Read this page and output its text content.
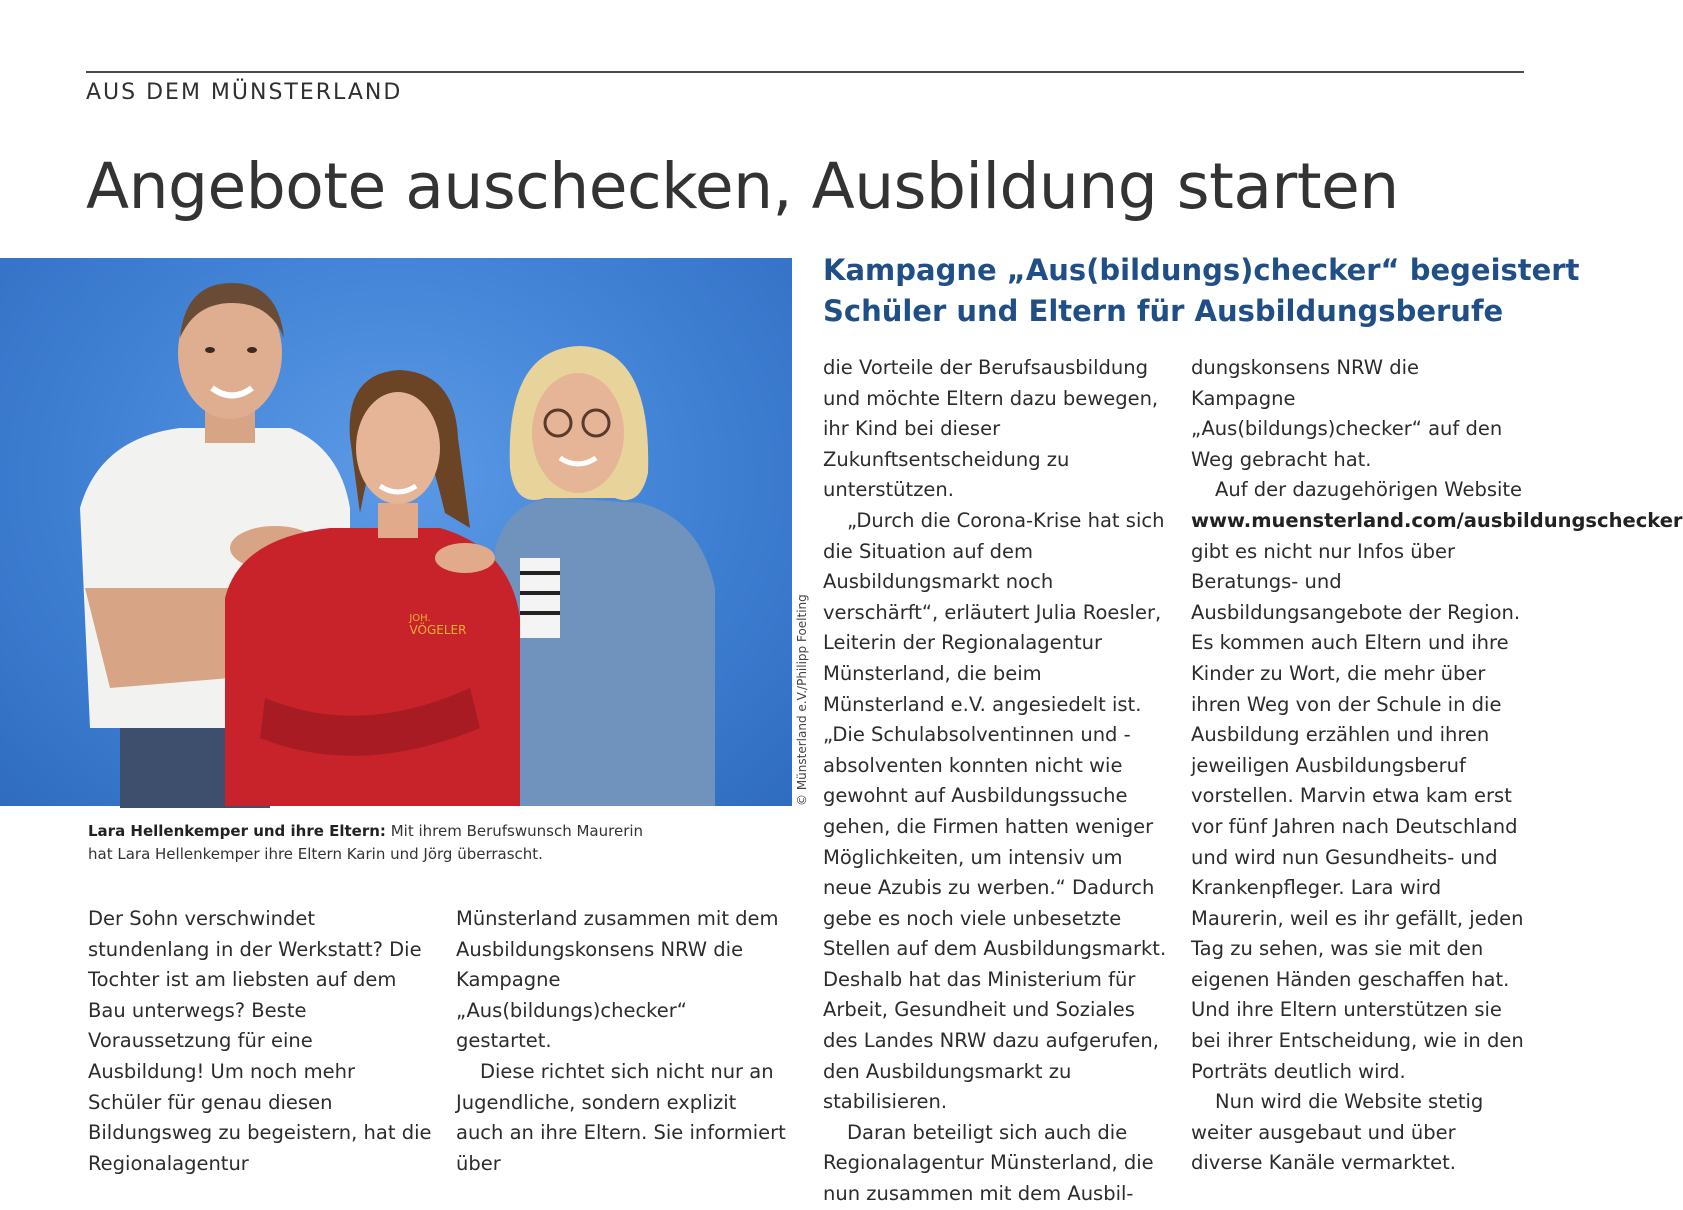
AUS DEM MÜNSTERLAND
Angebote auschecken, Ausbildung starten
Kampagne „Aus(bildungs)checker“ begeistert
Schüler und Eltern für Ausbildungsberufe
JOH.
VÖGELER	© Münsterland e.V./Philipp Foelting
Lara Hellenkemper und ihre Eltern: Mit ihrem Berufswunsch Maurerin hat Lara Hellenkemper ihre Eltern Karin und Jörg überrascht.

Der Sohn verschwindet stundenlang in der Werkstatt? Die Tochter ist am liebsten auf dem Bau unterwegs? Beste Voraussetzung für eine Ausbildung! Um noch mehr Schüler für genau diesen Bildungsweg zu begeistern, hat die Regionalagentur

Münsterland zusammen mit dem Ausbildungskonsens NRW die Kampagne „Aus(bildungs)checker“ gestartet.

Diese richtet sich nicht nur an Jugendliche, sondern explizit auch an ihre Eltern. Sie informiert über

die Vorteile der Berufsausbildung und möchte Eltern dazu bewegen, ihr Kind bei dieser Zukunftsentscheidung zu unterstützen.

„Durch die Corona-Krise hat sich die Situation auf dem Ausbildungsmarkt noch verschärft“, erläutert Julia Roesler, Leiterin der Regionalagentur Münsterland, die beim Münsterland e.V. angesiedelt ist. „Die Schulabsolventinnen und -absolventen konnten nicht wie gewohnt auf Ausbildungssuche gehen, die Firmen hatten weniger Möglichkeiten, um intensiv um neue Azubis zu werben.“ Dadurch gebe es noch viele unbesetzte Stellen auf dem Ausbildungsmarkt. Deshalb hat das Ministerium für Arbeit, Gesundheit und Soziales des Landes NRW dazu aufgerufen, den Ausbildungsmarkt zu stabilisieren.

Daran beteiligt sich auch die Regionalagentur Münsterland, die nun zusammen mit dem Ausbil-

dungskonsens NRW die Kampagne „Aus(bildungs)checker“ auf den Weg gebracht hat.

Auf der dazugehörigen Website www.muensterland.com/ausbildungschecker gibt es nicht nur Infos über Beratungs- und Ausbildungsangebote der Region. Es kommen auch Eltern und ihre Kinder zu Wort, die mehr über ihren Weg von der Schule in die Ausbildung erzählen und ihren jeweiligen Ausbildungsberuf vorstellen. Marvin etwa kam erst vor fünf Jahren nach Deutschland und wird nun Gesundheits- und Krankenpfleger. Lara wird Maurerin, weil es ihr gefällt, jeden Tag zu sehen, was sie mit den eigenen Händen geschaffen hat. Und ihre Eltern unterstützen sie bei ihrer Entscheidung, wie in den Porträts deutlich wird.

Nun wird die Website stetig weiter ausgebaut und über diverse Kanäle vermarktet.
